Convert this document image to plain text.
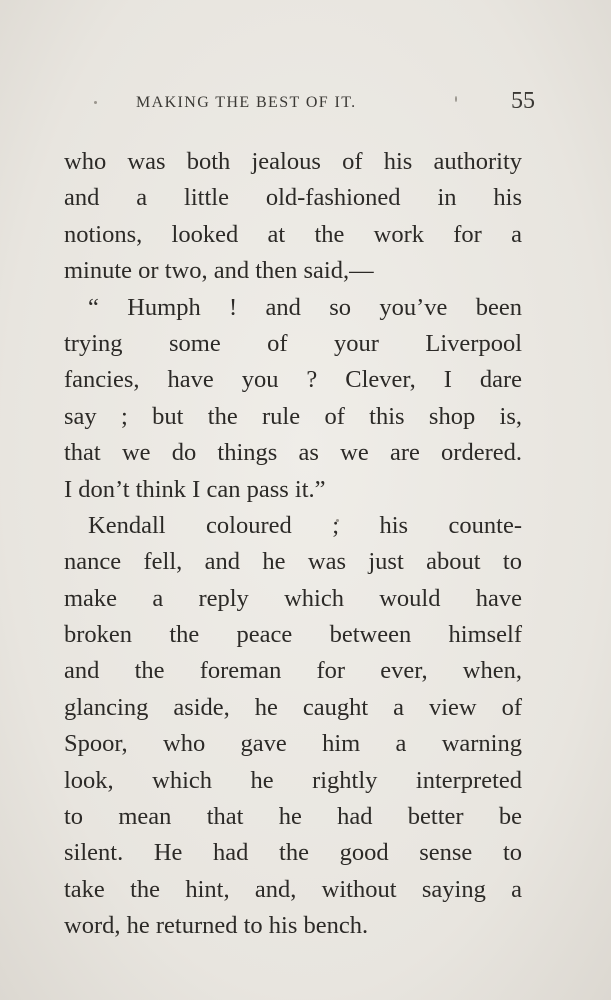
MAKING THE BEST OF IT.	55
who was both jealous of his authority
and a little old-fashioned in his
notions, looked at the work for a
minute or two, and then said,—
“ Humph ! and so you’ve been
trying some of your Liverpool
fancies, have you ? Clever, I dare
say ; but the rule of this shop is,
that we do things as we are ordered.
I don’t think I can pass it.”
Kendall coloured ; his counte-
nance fell, and he was just about to
make a reply which would have
broken the peace between himself
and the foreman for ever, when,
glancing aside, he caught a view of
Spoor, who gave him a warning
look, which he rightly interpreted
to mean that he had better be
silent. He had the good sense to
take the hint, and, without saying a
word, he returned to his bench.
